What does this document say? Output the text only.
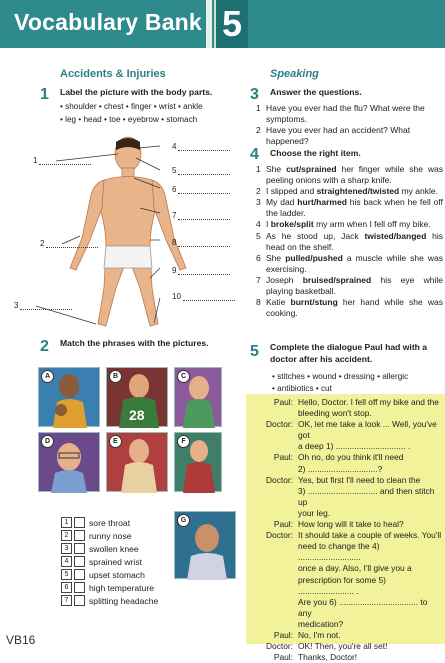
Vocabulary Bank 5
Accidents & Injuries
1 Label the picture with the body parts.
• shoulder • chest • finger • wrist • ankle
• leg • head • toe • eyebrow • stomach
1
4
5
6
7
2	8
9
10
3
2 Match the phrases with the pictures.
A
28
B	C
D	E	F
G
1	sore throat
2	runny nose
3	swollen knee
4	sprained wrist
5	upset stomach
6	high temperature
7	splitting headache
Speaking
3 Answer the questions.
1 Have you ever had the flu? What were the
symptoms.
2 Have you ever had an accident? What happened?
4 Choose the right item.
1 She cut/sprained her finger while she was peeling onions with a sharp knife.
2 I slipped and straightened/twisted my ankle.
3 My dad hurt/harmed his back when he fell off the ladder.
4 I broke/split my arm when I fell off my bike.
5 As he stood up, Jack twisted/banged his head on the shelf.
6 She pulled/pushed a muscle while she was exercising.
7 Joseph bruised/sprained his eye while playing basketball.
8 Katie burnt/stung her hand while she was cooking.
5 Complete the dialogue Paul had with a
doctor after his accident.
• stitches • wound • dressing • allergic
• antibiotics • cut
Paul: Hello, Doctor. I fell off my bike and the
bleeding won't stop.
Doctor: OK, let me take a look ... Well, you've got
a deep 1) .............................. .
Paul: Oh no, do you think it'll need
2) ..............................?
Doctor: Yes, but first I'll need to clean the
3) .............................. and then stitch up
your leg.
Paul: How long will it take to heal?
Doctor: It should take a couple of weeks. You'll
need to change the 4) ...........................
once a day. Also, I'll give you a
prescription for some 5) ........................ .
Are you 6) .................................. to any
medication?
Paul: No, I'm not.
Doctor: OK! Then, you're all set!
Paul: Thanks, Doctor!
VB16
